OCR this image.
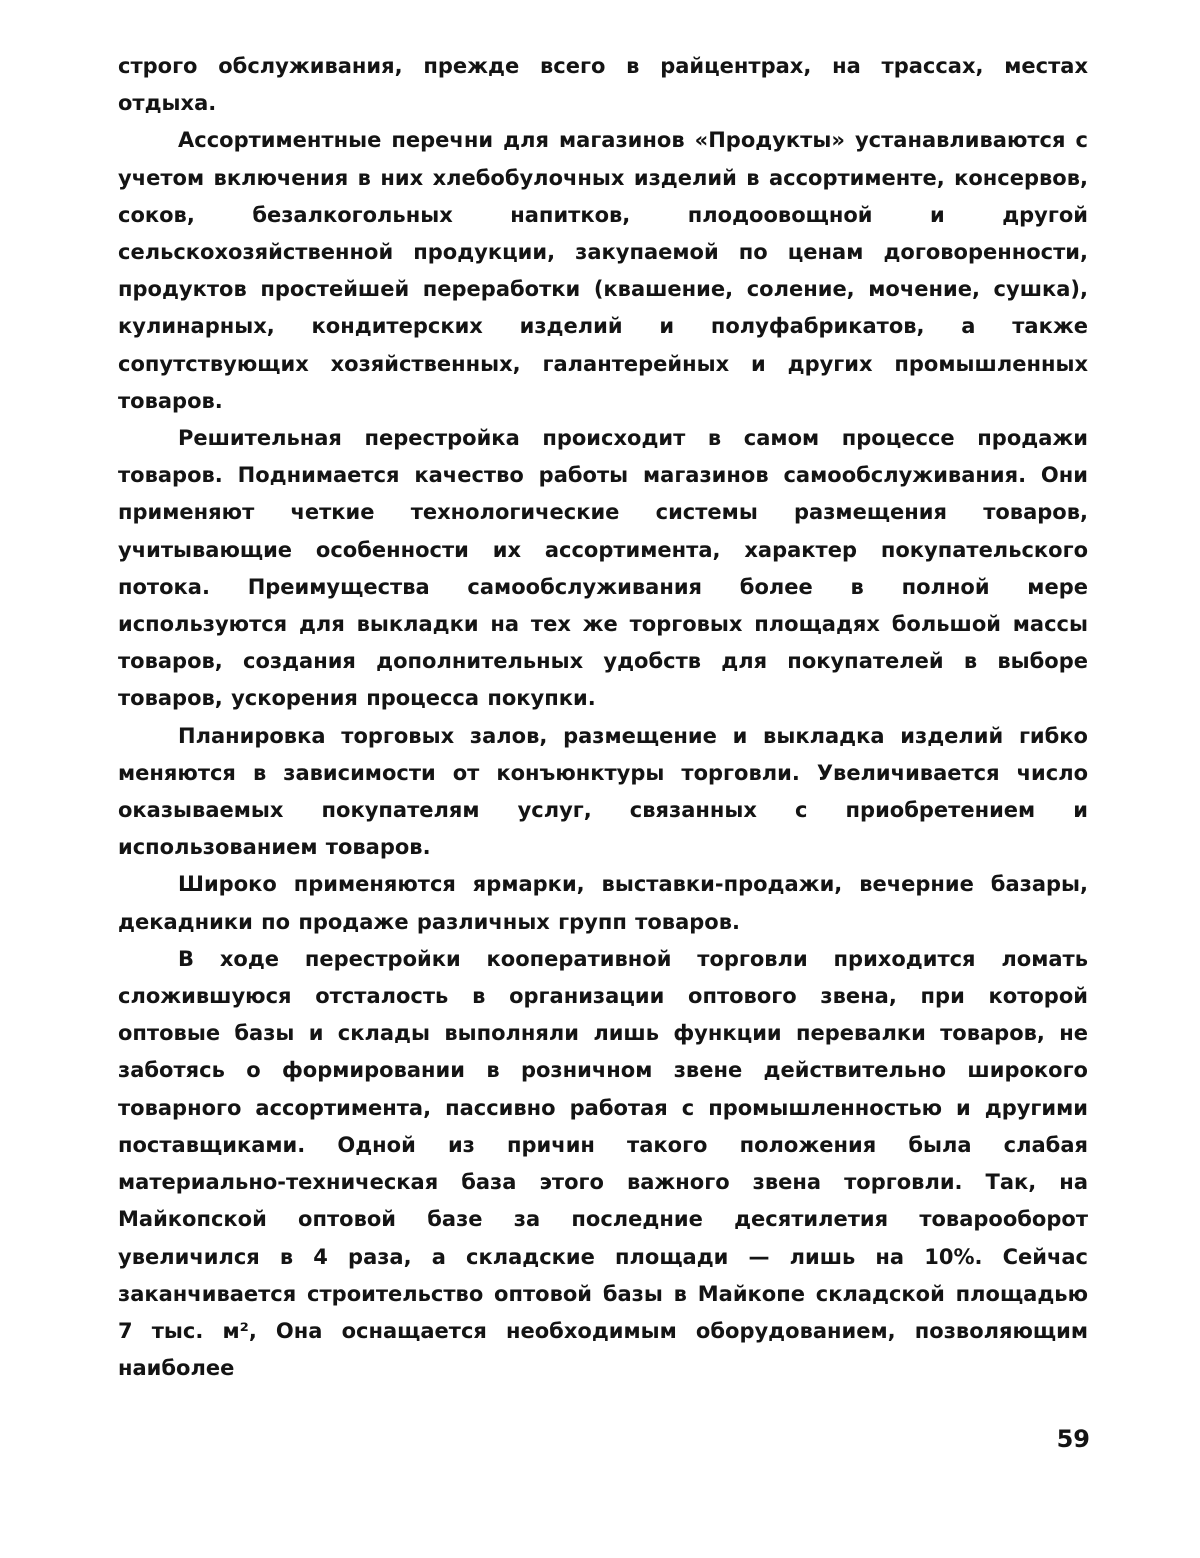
строго обслуживания, прежде всего в райцентрах, на трассах, местах отдыха.

Ассортиментные перечни для магазинов «Продукты» устанавливаются с учетом включения в них хлебобулочных изделий в ассортименте, консервов, соков, безалкогольных напитков, плодоовощной и другой сельскохозяйственной продукции, закупаемой по ценам договоренности, продуктов простейшей переработки (квашение, соление, мочение, сушка), кулинарных, кондитерских изделий и полуфабрикатов, а также сопутствующих хозяйственных, галантерейных и других промышленных товаров.

Решительная перестройка происходит в самом процессе продажи товаров. Поднимается качество работы магазинов самообслуживания. Они применяют четкие технологические системы размещения товаров, учитывающие особенности их ассортимента, характер покупательского потока. Преимущества самообслуживания более в полной мере используются для выкладки на тех же торговых площадях большой массы товаров, создания дополнительных удобств для покупателей в выборе товаров, ускорения процесса покупки.

Планировка торговых залов, размещение и выкладка изделий гибко меняются в зависимости от конъюнктуры торговли. Увеличивается число оказываемых покупателям услуг, связанных с приобретением и использованием товаров.

Широко применяются ярмарки, выставки-продажи, вечерние базары, декадники по продаже различных групп товаров.

В ходе перестройки кооперативной торговли приходится ломать сложившуюся отсталость в организации оптового звена, при которой оптовые базы и склады выполняли лишь функции перевалки товаров, не заботясь о формировании в розничном звене действительно широкого товарного ассортимента, пассивно работая с промышленностью и другими поставщиками. Одной из причин такого положения была слабая материально-техническая база этого важного звена торговли. Так, на Майкопской оптовой базе за последние десятилетия товарооборот увеличился в 4 раза, а складские площади — лишь на 10%. Сейчас заканчивается строительство оптовой базы в Майкопе складской площадью 7 тыс. м², Она оснащается необходимым оборудованием, позволяющим наиболее

59
